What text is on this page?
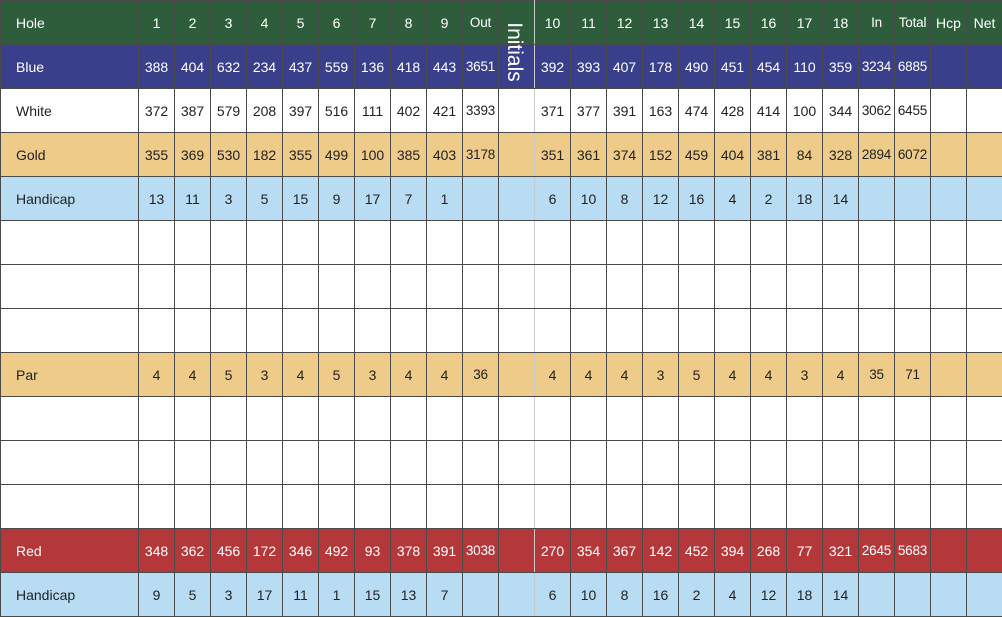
Hole	1	2	3	4	5	6	7	8	9	Out		10	11	12	13	14	15	16	17	18	In	Total	Hcp	Net
Blue	388	404	632	234	437	559	136	418	443	3651		392	393	407	178	490	451	454	110	359	3234	6885		
White	372	387	579	208	397	516	111	402	421	3393		371	377	391	163	474	428	414	100	344	3062	6455		
Gold	355	369	530	182	355	499	100	385	403	3178		351	361	374	152	459	404	381	84	328	2894	6072		
Handicap	13	11	3	5	15	9	17	7	1			6	10	8	12	16	4	2	18	14				

Par	4	4	5	3	4	5	3	4	4	36		4	4	4	3	5	4	4	3	4	35	71		

Red	348	362	456	172	346	492	93	378	391	3038		270	354	367	142	452	394	268	77	321	2645	5683		
Handicap	9	5	3	17	11	1	15	13	7			6	10	8	16	2	4	12	18	14				
Initials
